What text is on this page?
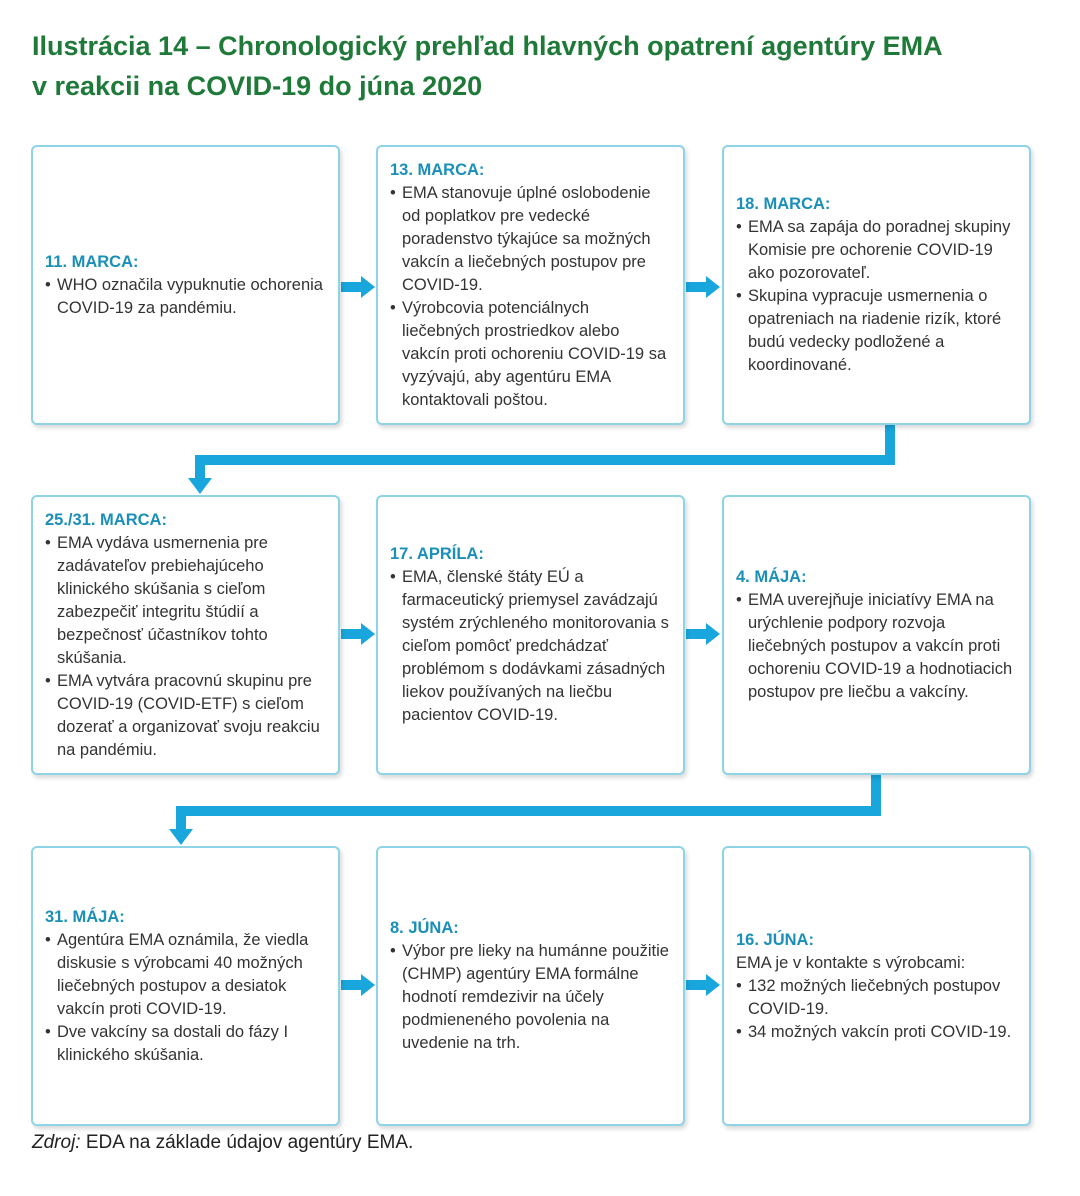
Ilustrácia 14 – Chronologický prehľad hlavných opatrení agentúry EMA
v reakcii na COVID-19 do júna 2020

11. MARCA:

• WHO označila vypuknutie ochorenia COVID-19 za pandémiu.

13. MARCA:

• EMA stanovuje úplné oslobodenie od poplatkov pre vedecké poradenstvo týkajúce sa možných vakcín a liečebných postupov pre COVID-19.
• Výrobcovia potenciálnych liečebných prostriedkov alebo vakcín proti ochoreniu COVID-19 sa vyzývajú, aby agentúru EMA kontaktovali poštou.

18. MARCA:

• EMA sa zapája do poradnej skupiny Komisie pre ochorenie COVID-19 ako pozorovateľ.
• Skupina vypracuje usmernenia o opatreniach na riadenie rizík, ktoré budú vedecky podložené a koordinované.

25./31. MARCA:

• EMA vydáva usmernenia pre zadávateľov prebiehajúceho klinického skúšania s cieľom zabezpečiť integritu štúdií a bezpečnosť účastníkov tohto skúšania.
• EMA vytvára pracovnú skupinu pre COVID-19 (COVID-ETF) s cieľom dozerať a organizovať svoju reakciu na pandémiu.

17. APRÍLA:

• EMA, členské štáty EÚ a farmaceutický priemysel zavádzajú systém zrýchleného monitorovania s cieľom pomôcť predchádzať problémom s dodávkami zásadných liekov používaných na liečbu pacientov COVID-19.

4. MÁJA:

• EMA uverejňuje iniciatívy EMA na urýchlenie podpory rozvoja liečebných postupov a vakcín proti ochoreniu COVID-19 a hodnotiacich postupov pre liečbu a vakcíny.

31. MÁJA:

• Agentúra EMA oznámila, že viedla diskusie s výrobcami 40 možných liečebných postupov a desiatok vakcín proti COVID-19.
• Dve vakcíny sa dostali do fázy I klinického skúšania.

8. JÚNA:

• Výbor pre lieky na humánne použitie (CHMP) agentúry EMA formálne hodnotí remdezivir na účely podmieneného povolenia na uvedenie na trh.

16. JÚNA:

EMA je v kontakte s výrobcami:

• 132 možných liečebných postupov COVID-19.
• 34 možných vakcín proti COVID-19.
Zdroj: EDA na základe údajov agentúry EMA.
